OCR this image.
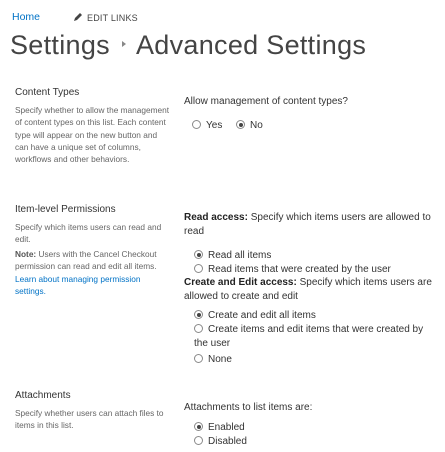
Home	EDIT LINKS
Settings Advanced Settings
Content Types
Specify whether to allow the management of content types on this list. Each content type will appear on the new button and can have a unique set of columns, workflows and other behaviors.
Allow management of content types?
Yes	No
Item-level Permissions
Specify which items users can read and edit.
Note: Users with the Cancel Checkout permission can read and edit all items. Learn about managing permission settings.
Read access: Specify which items users are allowed to read
Read all items
Read items that were created by the user
Create and Edit access: Specify which items users are allowed to create and edit
Create and edit all items
Create items and edit items that were created by the user
None
Attachments
Specify whether users can attach files to items in this list.
Attachments to list items are:
Enabled
Disabled
